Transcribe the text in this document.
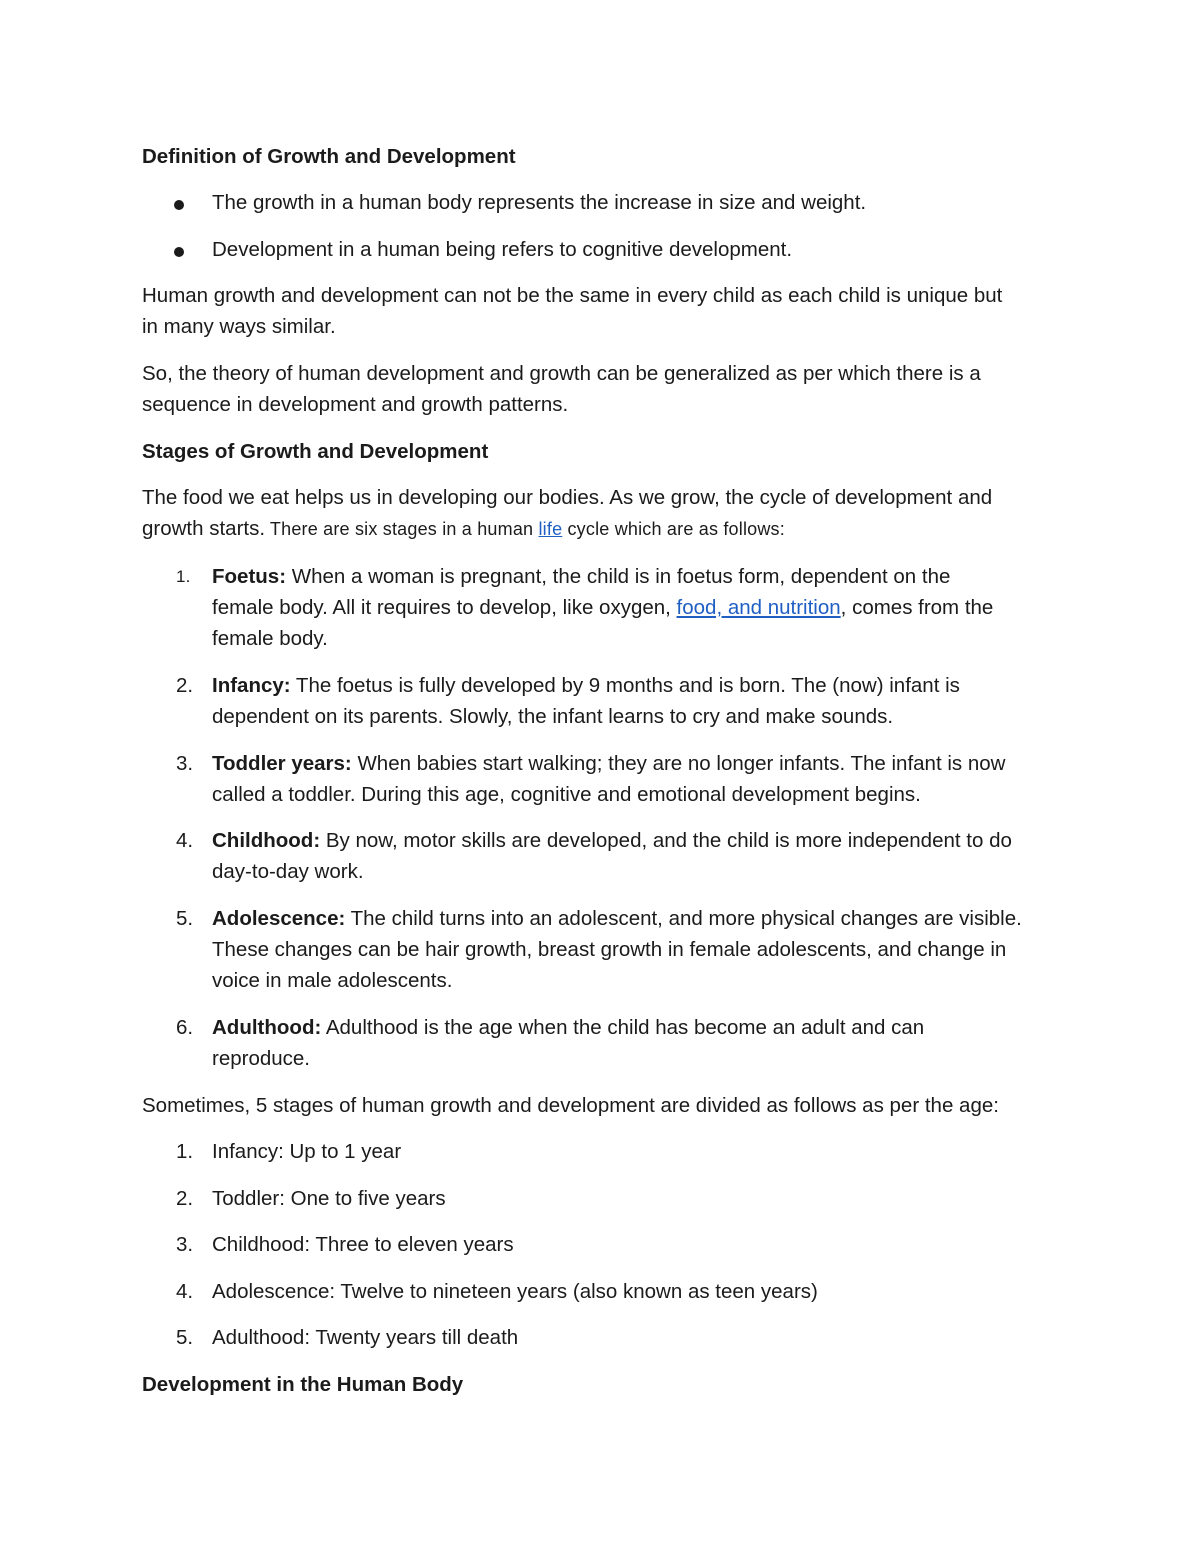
Definition of Growth and Development

The growth in a human body represents the increase in size and weight.
Development in a human being refers to cognitive development.

Human growth and development can not be the same in every child as each child is unique but
in many ways similar.

So, the theory of human development and growth can be generalized as per which there is a
sequence in development and growth patterns.

Stages of Growth and Development

The food we eat helps us in developing our bodies. As we grow, the cycle of development and
growth starts. There are six stages in a human life cycle which are as follows:

1.	Foetus: When a woman is pregnant, the child is in foetus form, dependent on the
female body. All it requires to develop, like oxygen, food, and nutrition, comes from the
female body.
2. Infancy: The foetus is fully developed by 9 months and is born. The (now) infant is
dependent on its parents. Slowly, the infant learns to cry and make sounds.
3. Toddler years: When babies start walking; they are no longer infants. The infant is now
called a toddler. During this age, cognitive and emotional development begins.
4. Childhood: By now, motor skills are developed, and the child is more independent to do
day-to-day work.
5. Adolescence: The child turns into an adolescent, and more physical changes are visible.
These changes can be hair growth, breast growth in female adolescents, and change in
voice in male adolescents.
6. Adulthood: Adulthood is the age when the child has become an adult and can
reproduce.

Sometimes, 5 stages of human growth and development are divided as follows as per the age:

1. Infancy: Up to 1 year
2. Toddler: One to five years
3. Childhood: Three to eleven years
4. Adolescence: Twelve to nineteen years (also known as teen years)
5. Adulthood: Twenty years till death

Development in the Human Body
